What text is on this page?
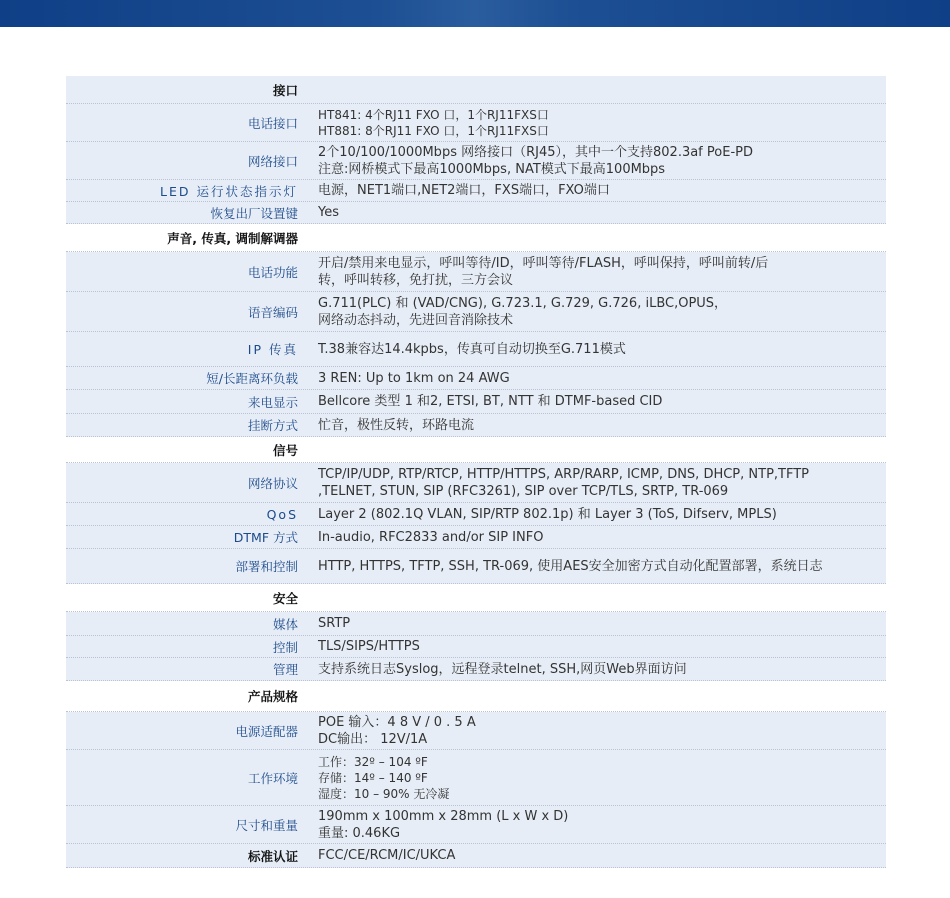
接口
电话接口
HT841: 4个RJ11 FXO 口，1个RJ11FXS口
HT881: 8个RJ11 FXO 口，1个RJ11FXS口
网络接口
2个10/100/1000Mbps 网络接口（RJ45），其中一个支持802.3af PoE-PD
注意:网桥模式下最高1000Mbps, NAT模式下最高100Mbps
LED 运行状态指示灯 电源，NET1端口,NET2端口，FXS端口，FXO端口
恢复出厂设置键 Yes
声音, 传真, 调制解调器
电话功能
开启/禁用来电显示，呼叫等待/ID，呼叫等待/FLASH，呼叫保持，呼叫前转/后
转，呼叫转移，免打扰，三方会议
语音编码
G.711(PLC) 和 (VAD/CNG), G.723.1, G.729, G.726, iLBC,OPUS，
网络动态抖动，先进回音消除技术
IP 传真 T.38兼容达14.4kpbs，传真可自动切换至G.711模式
短/长距离环负载 3 REN: Up to 1km on 24 AWG
来电显示 Bellcore 类型 1 和2, ETSI, BT, NTT 和 DTMF-based CID
挂断方式 忙音，极性反转，环路电流
信号
网络协议
TCP/IP/UDP, RTP/RTCP, HTTP/HTTPS, ARP/RARP, ICMP, DNS, DHCP, NTP,TFTP
,TELNET, STUN, SIP (RFC3261), SIP over TCP/TLS, SRTP, TR-069
QoS Layer 2 (802.1Q VLAN, SIP/RTP 802.1p) 和 Layer 3 (ToS, Difserv, MPLS)
DTMF 方式 In-audio, RFC2833 and/or SIP INFO
部署和控制 HTTP, HTTPS, TFTP, SSH, TR-069, 使用AES安全加密方式自动化配置部署，系统日志
安全
媒体 SRTP
控制 TLS/SIPS/HTTPS
管理 支持系统日志Syslog，远程登录telnet, SSH,网页Web界面访问
产品规格
电源适配器
POE 输入：4 8 V / 0 . 5 A
DC输出： 12V/1A
工作环境
工作：32º – 104 ºF
存储：14º – 140 ºF
湿度：10 – 90% 无冷凝
尺寸和重量
190mm x 100mm x 28mm (L x W x D)
重量: 0.46KG
标准认证 FCC/CE/RCM/IC/UKCA
